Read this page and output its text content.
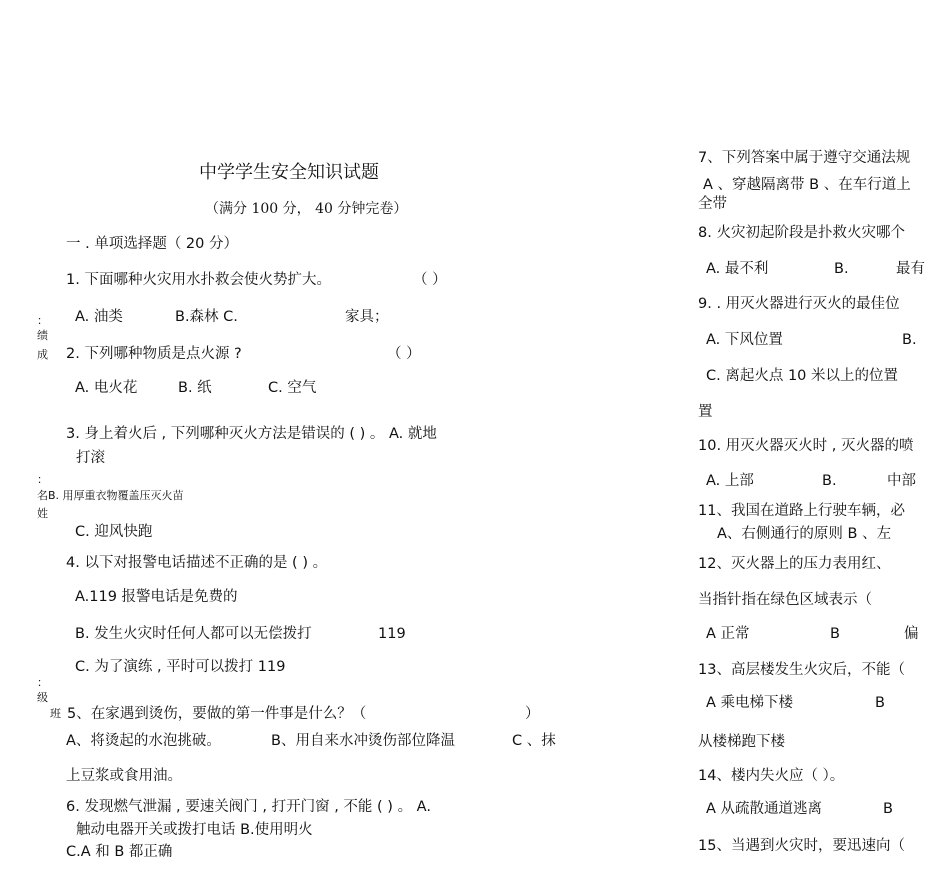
中学学生安全知识试题
（满分 100 分， 40 分钟完卷）
一 . 单项选择题（ 20 分）
1. 下面哪种火灾用水扑救会使火势扩大。	（ ）
A. 油类	B.森林 C.	家具；
2. 下列哪种物质是点火源 ?	（ ）
A. 电火花	B. 纸	C. 空气
3. 身上着火后 , 下列哪种灭火方法是错误的 ( ) 。 A. 就地
打滚
B. 用厚重衣物覆盖压灭火苗
C. 迎风快跑
4. 以下对报警电话描述不正确的是 ( ) 。
A.119 报警电话是免费的
B. 发生火灾时任何人都可以无偿拨打	119
C. 为了演练 , 平时可以拨打 119
5、在家遇到烫伤，要做的第一件事是什么？（	）
A、将烫起的水泡挑破。	B、用自来水冲烫伤部位降温	C 、抹
上豆浆或食用油。
6. 发现燃气泄漏 , 要速关阀门 , 打开门窗 , 不能 ( ) 。 A.
触动电器开关或拨打电话 B.使用明火
C.A 和 B 都正确
：
绩
成
：
名
姓
：
级
班
7、下列答案中属于遵守交通法规
A 、穿越隔离带 B 、在车行道上
全带
8. 火灾初起阶段是扑救火灾哪个
A. 最不利	B.	最有
9. . 用灭火器进行灭火的最佳位
A. 下风位置	B.
C. 离起火点 10 米以上的位置
置
10. 用灭火器灭火时 , 灭火器的喷
A. 上部	B.	中部
11、我国在道路上行驶车辆，必
A、右侧通行的原则 B 、左
12、灭火器上的压力表用红、
当指针指在绿色区域表示（
A 正常	B	偏
13、高层楼发生火灾后，不能（
A 乘电梯下楼	B
从楼梯跑下楼
14、楼内失火应（ ）。
A 从疏散通道逃离	B
15、当遇到火灾时，要迅速向（
